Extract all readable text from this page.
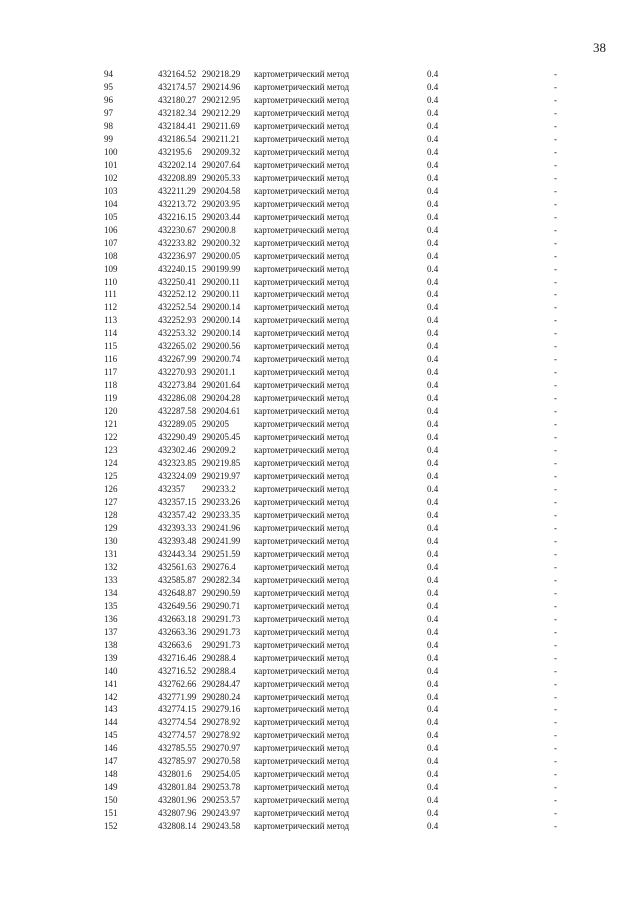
38
94	432164.52 290218.29 картометрический метод	0.4	-
95	432174.57 290214.96 картометрический метод	0.4	-
96	432180.27 290212.95 картометрический метод	0.4	-
97	432182.34 290212.29 картометрический метод	0.4	-
98	432184.41 290211.69 картометрический метод	0.4	-
99	432186.54 290211.21 картометрический метод	0.4	-
100	432195.6 290209.32 картометрический метод	0.4	-
101	432202.14 290207.64 картометрический метод	0.4	-
102	432208.89 290205.33 картометрический метод	0.4	-
103	432211.29 290204.58 картометрический метод	0.4	-
104	432213.72 290203.95 картометрический метод	0.4	-
105	432216.15 290203.44 картометрический метод	0.4	-
106	432230.67 290200.8 картометрический метод	0.4	-
107	432233.82 290200.32 картометрический метод	0.4	-
108	432236.97 290200.05 картометрический метод	0.4	-
109	432240.15 290199.99 картометрический метод	0.4	-
110	432250.41 290200.11 картометрический метод	0.4	-
111	432252.12 290200.11 картометрический метод	0.4	-
112	432252.54 290200.14 картометрический метод	0.4	-
113	432252.93 290200.14 картометрический метод	0.4	-
114	432253.32 290200.14 картометрический метод	0.4	-
115	432265.02 290200.56 картометрический метод	0.4	-
116	432267.99 290200.74 картометрический метод	0.4	-
117	432270.93 290201.1 картометрический метод	0.4	-
118	432273.84 290201.64 картометрический метод	0.4	-
119	432286.08 290204.28 картометрический метод	0.4	-
120	432287.58 290204.61 картометрический метод	0.4	-
121	432289.05 290205	картометрический метод	0.4	-
122	432290.49 290205.45 картометрический метод	0.4	-
123	432302.46 290209.2 картометрический метод	0.4	-
124	432323.85 290219.85 картометрический метод	0.4	-
125	432324.09 290219.97 картометрический метод	0.4	-
126	432357 290233.2 картометрический метод	0.4	-
127	432357.15 290233.26 картометрический метод	0.4	-
128	432357.42 290233.35 картометрический метод	0.4	-
129	432393.33 290241.96 картометрический метод	0.4	-
130	432393.48 290241.99 картометрический метод	0.4	-
131	432443.34 290251.59 картометрический метод	0.4	-
132	432561.63 290276.4 картометрический метод	0.4	-
133	432585.87 290282.34 картометрический метод	0.4	-
134	432648.87 290290.59 картометрический метод	0.4	-
135	432649.56 290290.71 картометрический метод	0.4	-
136	432663.18 290291.73 картометрический метод	0.4	-
137	432663.36 290291.73 картометрический метод	0.4	-
138	432663.6 290291.73 картометрический метод	0.4	-
139	432716.46 290288.4 картометрический метод	0.4	-
140	432716.52 290288.4 картометрический метод	0.4	-
141	432762.66 290284.47 картометрический метод	0.4	-
142	432771.99 290280.24 картометрический метод	0.4	-
143	432774.15 290279.16 картометрический метод	0.4	-
144	432774.54 290278.92 картометрический метод	0.4	-
145	432774.57 290278.92 картометрический метод	0.4	-
146	432785.55 290270.97 картометрический метод	0.4	-
147	432785.97 290270.58 картометрический метод	0.4	-
148	432801.6 290254.05 картометрический метод	0.4	-
149	432801.84 290253.78 картометрический метод	0.4	-
150	432801.96 290253.57 картометрический метод	0.4	-
151	432807.96 290243.97 картометрический метод	0.4	-
152	432808.14 290243.58 картометрический метод	0.4	-
